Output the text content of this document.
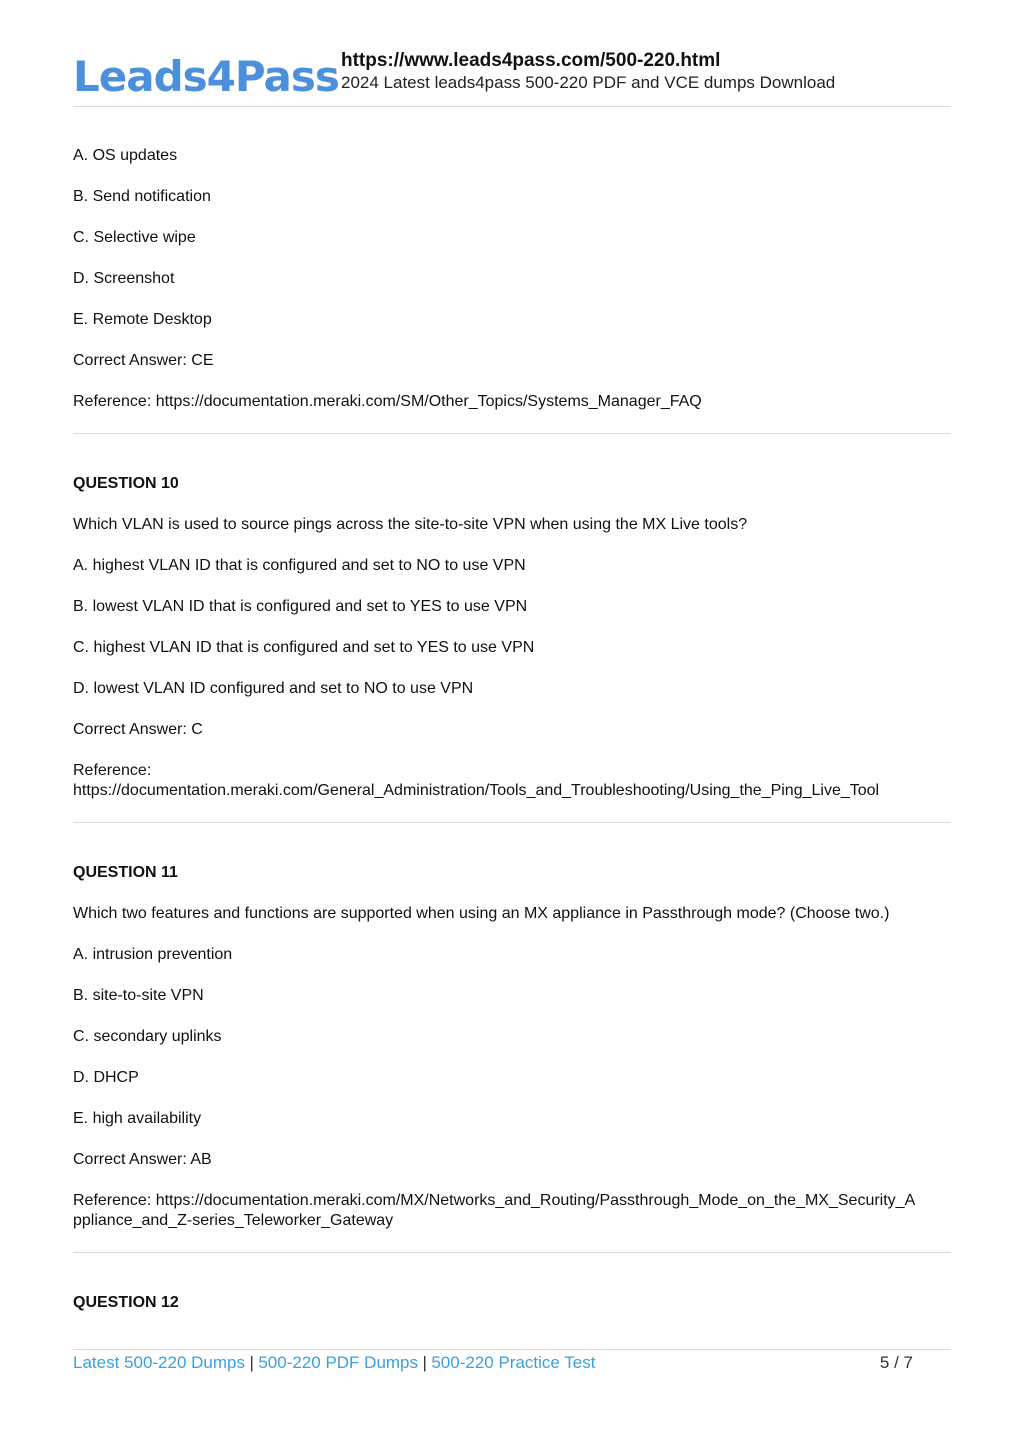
Leads4Pass https://www.leads4pass.com/500-220.html
2024 Latest leads4pass 500-220 PDF and VCE dumps Download

A. OS updates

B. Send notification

C. Selective wipe

D. Screenshot

E. Remote Desktop

Correct Answer: CE

Reference: https://documentation.meraki.com/SM/Other_Topics/Systems_Manager_FAQ

QUESTION 10

Which VLAN is used to source pings across the site-to-site VPN when using the MX Live tools?

A. highest VLAN ID that is configured and set to NO to use VPN

B. lowest VLAN ID that is configured and set to YES to use VPN

C. highest VLAN ID that is configured and set to YES to use VPN

D. lowest VLAN ID configured and set to NO to use VPN

Correct Answer: C

Reference:
https://documentation.meraki.com/General_Administration/Tools_and_Troubleshooting/Using_the_Ping_Live_Tool

QUESTION 11

Which two features and functions are supported when using an MX appliance in Passthrough mode? (Choose two.)

A. intrusion prevention

B. site-to-site VPN

C. secondary uplinks

D. DHCP

E. high availability

Correct Answer: AB

Reference: https://documentation.meraki.com/MX/Networks_and_Routing/Passthrough_Mode_on_the_MX_Security_A
ppliance_and_Z-series_Teleworker_Gateway

QUESTION 12

Latest 500-220 Dumps | 500-220 PDF Dumps | 500-220 Practice Test	5 / 7
